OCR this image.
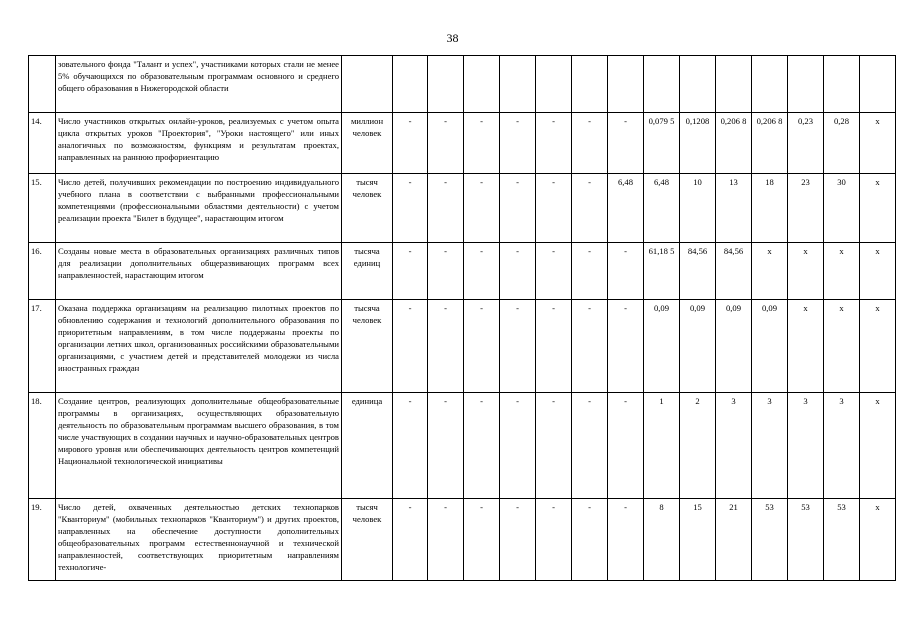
38
	зовательного фонда "Талант и успех", участниками которых стали не менее 5% обучающихся по образовательным программам основного и среднего общего образования в Нижегородской области															
14.	Число участников открытых онлайн-уроков, реализуемых с учетом опыта цикла открытых уроков "Проектория", "Уроки настоящего" или иных аналогичных по возможностям, функциям и результатам проектах, направленных на раннюю профориентацию	миллион человек	-	-	-	-	-	-	-	0,079 5	0,1208	0,206 8	0,206 8	0,23	0,28	х
15.	Число детей, получивших рекомендации по построению индивидуального учебного плана в соответствии с выбранными профессиональными компетенциями (профессиональными областями деятельности) с учетом реализации проекта "Билет в будущее", нарастающим итогом	тысяч человек	-	-	-	-	-	-	6,48	6,48	10	13	18	23	30	х
16.	Созданы новые места в образовательных организациях различных типов для реализации дополнительных общеразвивающих программ всех направленностей, нарастающим итогом	тысяча единиц	-	-	-	-	-	-	-	61,18 5	84,56	84,56	х	х	х	х
17.	Оказана поддержка организациям на реализацию пилотных проектов по обновлению содержания и технологий дополнительного образования по приоритетным направлениям, в том числе поддержаны проекты по организации летних школ, организованных российскими образовательными организациями, с участием детей и представителей молодежи из числа иностранных граждан	тысяча человек	-	-	-	-	-	-	-	0,09	0,09	0,09	0,09	х	х	х
18.	Создание центров, реализующих дополнительные общеобразовательные программы в организациях, осуществляющих образовательную деятельность по образовательным программам высшего образования, в том числе участвующих в создании научных и научно-образовательных центров мирового уровня или обеспечивающих деятельность центров компетенций Национальной технологической инициативы	единица	-	-	-	-	-	-	-	1	2	3	3	3	3	х
19.	Число детей, охваченных деятельностью детских технопарков "Кванториум" (мобильных технопарков "Кванториум") и других проектов, направленных на обеспечение доступности дополнительных общеобразовательных программ естественнонаучной и технической направленностей, соответствующих приоритетным направлениям технологиче-	тысяч человек	-	-	-	-	-	-	-	8	15	21	53	53	53	х
